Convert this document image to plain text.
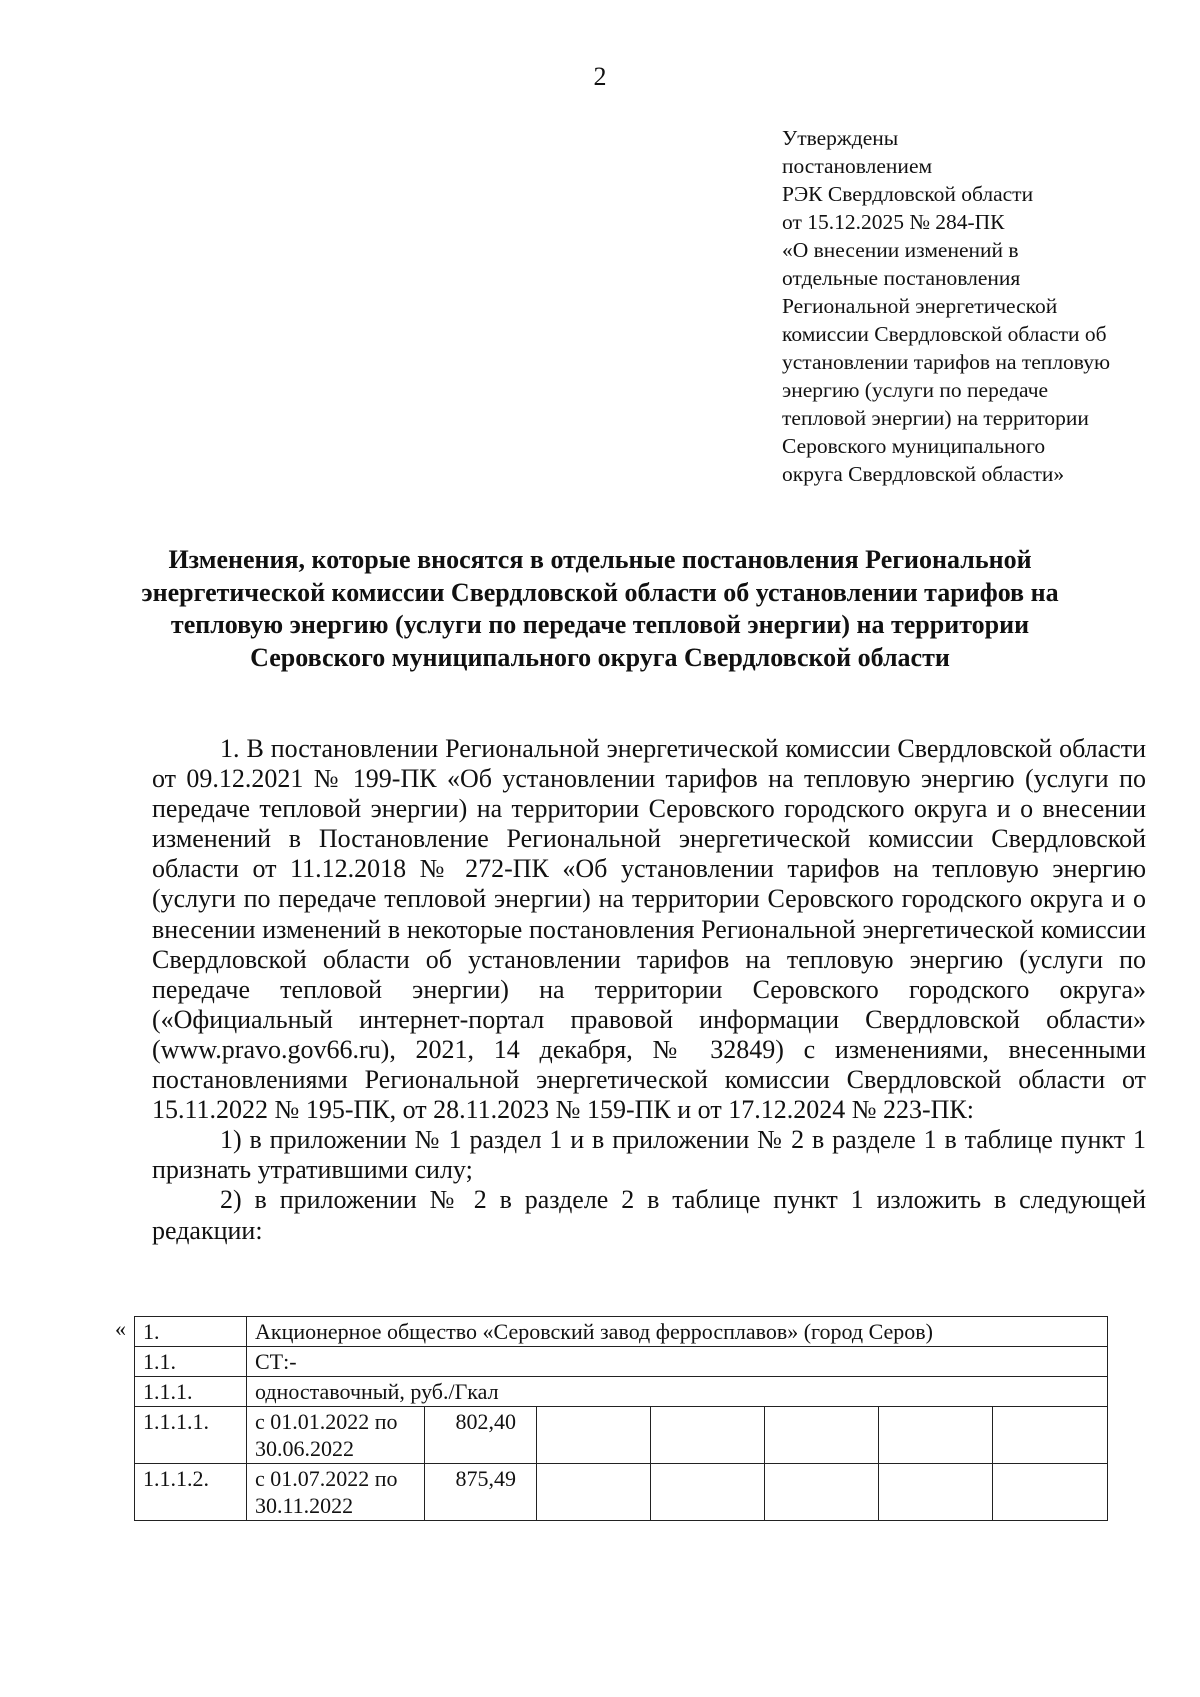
2
Утверждены
постановлением
РЭК Свердловской области
от 15.12.2025 № 284-ПК
«О внесении изменений в
отдельные постановления
Региональной энергетической
комиссии Свердловской области об
установлении тарифов на тепловую
энергию (услуги по передаче
тепловой энергии) на территории
Серовского муниципального
округа Свердловской области»
Изменения, которые вносятся в отдельные постановления Региональной энергетической комиссии Свердловской области об установлении тарифов на тепловую энергию (услуги по передаче тепловой энергии) на территории Серовского муниципального округа Свердловской области

1. В постановлении Региональной энергетической комиссии Свердловской области от 09.12.2021 № 199-ПК «Об установлении тарифов на тепловую энергию (услуги по передаче тепловой энергии) на территории Серовского городского округа и о внесении изменений в Постановление Региональной энергетической комиссии Свердловской области от 11.12.2018 № 272-ПК «Об установлении тарифов на тепловую энергию (услуги по передаче тепловой энергии) на территории Серовского городского округа и о внесении изменений в некоторые постановления Региональной энергетической комиссии Свердловской области об установлении тарифов на тепловую энергию (услуги по передаче тепловой энергии) на территории Серовского городского округа» («Официальный интернет-портал правовой информации Свердловской области» (www.pravo.gov66.ru), 2021, 14 декабря, № 32849) с изменениями, внесенными постановлениями Региональной энергетической комиссии Свердловской области от 15.11.2022 № 195-ПК, от 28.11.2023 № 159-ПК и от 17.12.2024 № 223-ПК:

1) в приложении № 1 раздел 1 и в приложении № 2 в разделе 1 в таблице пункт 1 признать утратившими силу;

2) в приложении № 2 в разделе 2 в таблице пункт 1 изложить в следующей редакции:

« 1.	Акционерное общество «Серовский завод ферросплавов» (город Серов)						
1.1.	СТ:-						
1.1.1.	одноставочный, руб./Гкал						
1.1.1.1.	с 01.01.2022 по 30.06.2022	802,40					
1.1.1.2.	с 01.07.2022 по 30.11.2022	875,49					
